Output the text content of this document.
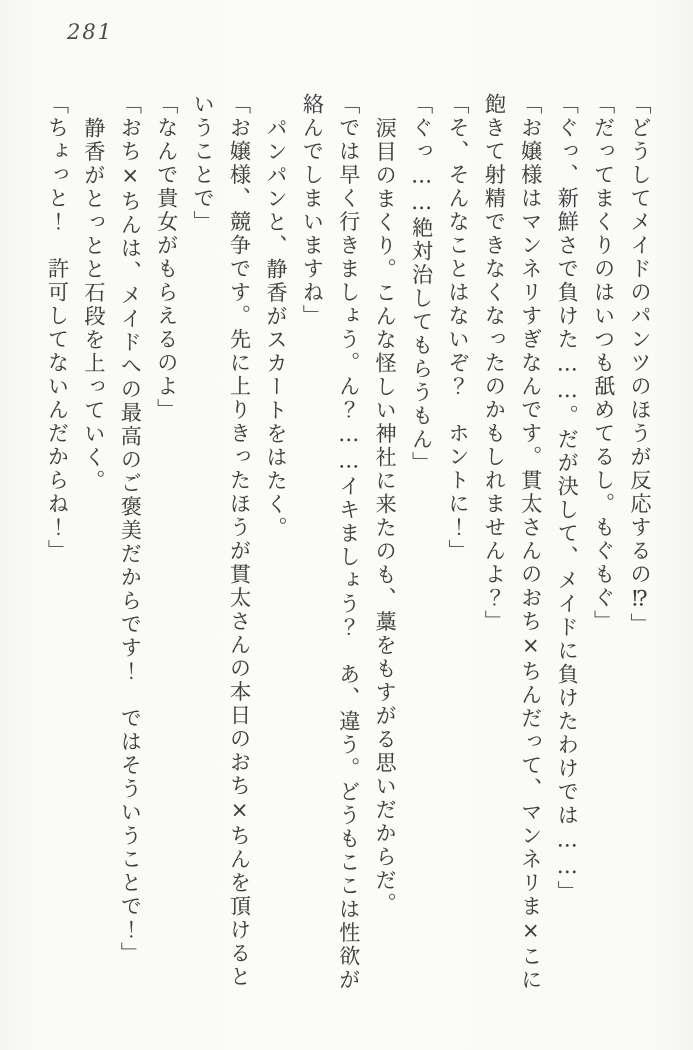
281

「どうしてメイドのパンツのほうが反応するの⁉」

「だってまくりのはいつも舐めてるし。もぐもぐ」

「ぐっ、新鮮さで負けた……。だが決して、メイドに負けたわけでは……」

「お嬢様はマンネリすぎなんです。貫太さんのおち×ちんだって、マンネリま×こに

飽きて射精できなくなったのかもしれませんよ？」

「そ、そんなことはないぞ？　ホントに！」

「ぐっ……絶対治してもらうもん」

涙目のまくり。こんな怪しい神社に来たのも、藁をもすがる思いだからだ。

「では早く行きましょう。ん？……イキましょう？　あ、違う。どうもここは性欲が

絡んでしまいますね」

パンパンと、静香がスカートをはたく。

「お嬢様、競争です。先に上りきったほうが貫太さんの本日のおち×ちんを頂けると

いうことで」

「なんで貴女がもらえるのよ」

「おち×ちんは、メイドへの最高のご褒美だからです！　ではそういうことで！」

静香がとっとと石段を上っていく。

「ちょっと！　許可してないんだからね！」
